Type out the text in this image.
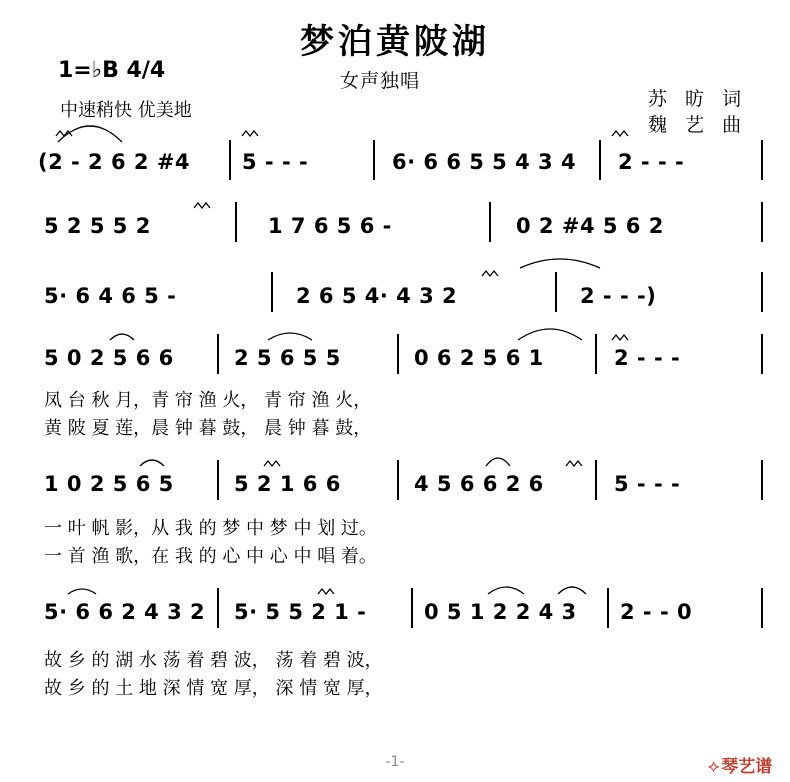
梦泊黄陂湖
女声独唱
1=♭B 4/4
中速稍快 优美地
苏 昉 词
魏 艺 曲
(2 - 2 6 2 #4 5 - - -	6· 6 6 5 5 4 3 4 2 - - -
5 2 5 5 2	1 7 6 5 6 -	0 2 #4 5 6 2
5· 6 4 6 5 -	2 6 5 4· 4 3 2	2 - - -)
5 0 2 5 6 6	2 5 6 5 5	0 6 2 5 6 1	2 - - -
凤 台 秋 月，青 帘 渔 火， 青 帘 渔 火，
黄 陂 夏 莲，晨 钟 暮 鼓， 晨 钟 暮 鼓，
1 0 2 5 6 5	5 2 1 6 6	4 5 6 6 2 6	5 - - -
一 叶 帆 影，从 我 的 梦 中 梦 中 划 过。
一 首 渔 歌，在 我 的 心 中 心 中 唱 着。
5· 6 6 2 4 3 2 5· 5 5 2 1 -	0 5 1 2 2 4 3 2 - - 0
故 乡 的 湖 水 荡 着 碧 波， 荡 着 碧 波，
故 乡 的 土 地 深 情 宽 厚， 深 情 宽 厚，
-1-	⟡ 琴艺谱
